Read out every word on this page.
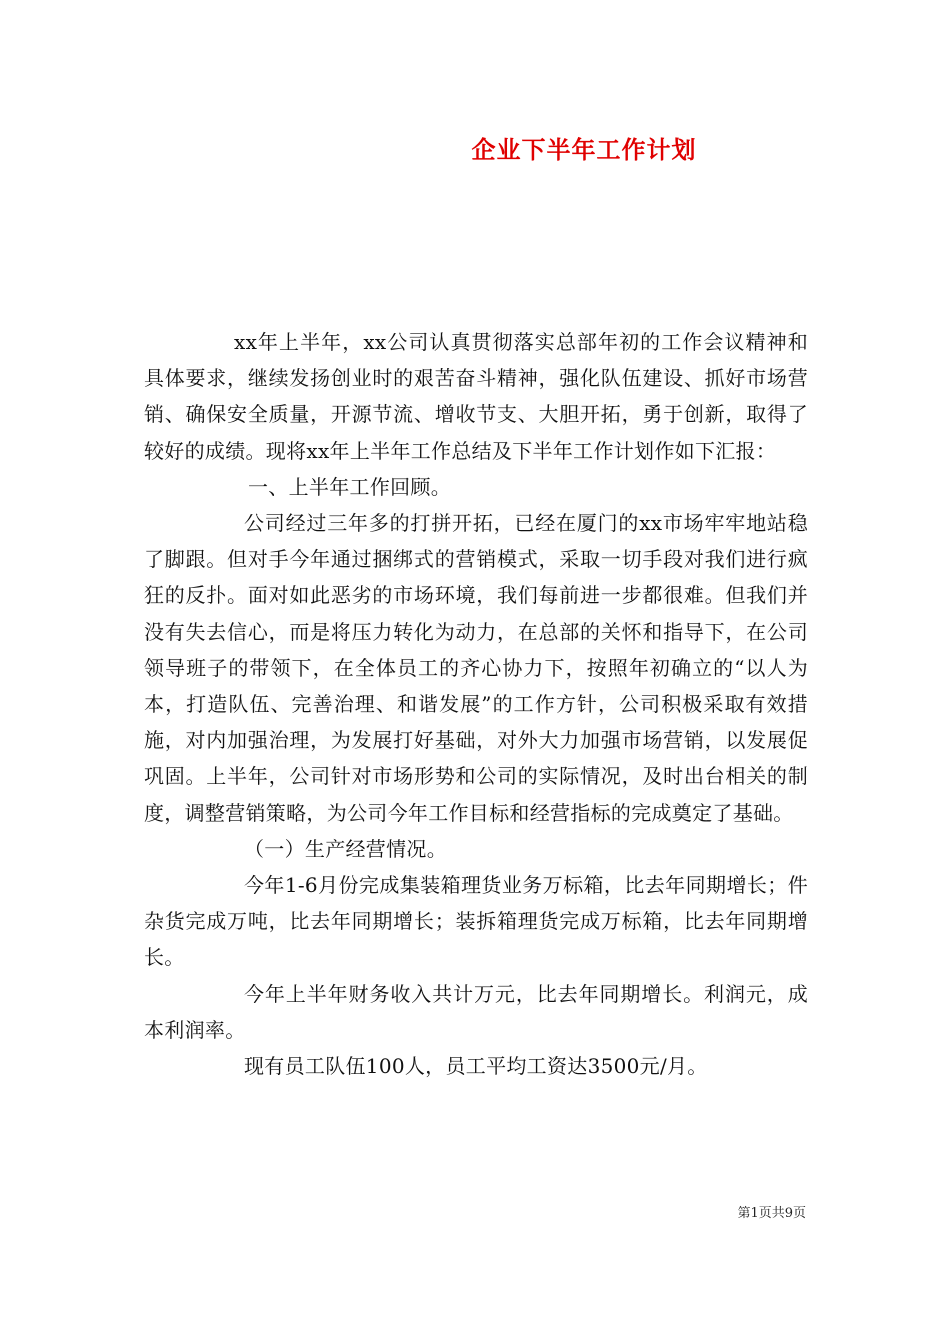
企业下半年工作计划

xx年上半年，xx公司认真贯彻落实总部年初的工作会议精神和具体要求，继续发扬创业时的艰苦奋斗精神，强化队伍建设、抓好市场营销、确保安全质量，开源节流、增收节支、大胆开拓，勇于创新，取得了较好的成绩。现将xx年上半年工作总结及下半年工作计划作如下汇报：

一、上半年工作回顾。

公司经过三年多的打拼开拓，已经在厦门的xx市场牢牢地站稳了脚跟。但对手今年通过捆绑式的营销模式，采取一切手段对我们进行疯狂的反扑。面对如此恶劣的市场环境，我们每前进一步都很难。但我们并没有失去信心，而是将压力转化为动力，在总部的关怀和指导下，在公司领导班子的带领下，在全体员工的齐心协力下，按照年初确立的“以人为本，打造队伍、完善治理、和谐发展”的工作方针，公司积极采取有效措施，对内加强治理，为发展打好基础，对外大力加强市场营销，以发展促巩固。上半年，公司针对市场形势和公司的实际情况，及时出台相关的制度，调整营销策略，为公司今年工作目标和经营指标的完成奠定了基础。

（一）生产经营情况。

今年1-6月份完成集装箱理货业务万标箱，比去年同期增长；件杂货完成万吨，比去年同期增长；装拆箱理货完成万标箱，比去年同期增长。

今年上半年财务收入共计万元，比去年同期增长。利润元，成本利润率。

现有员工队伍100人，员工平均工资达3500元/月。

第1页共9页
